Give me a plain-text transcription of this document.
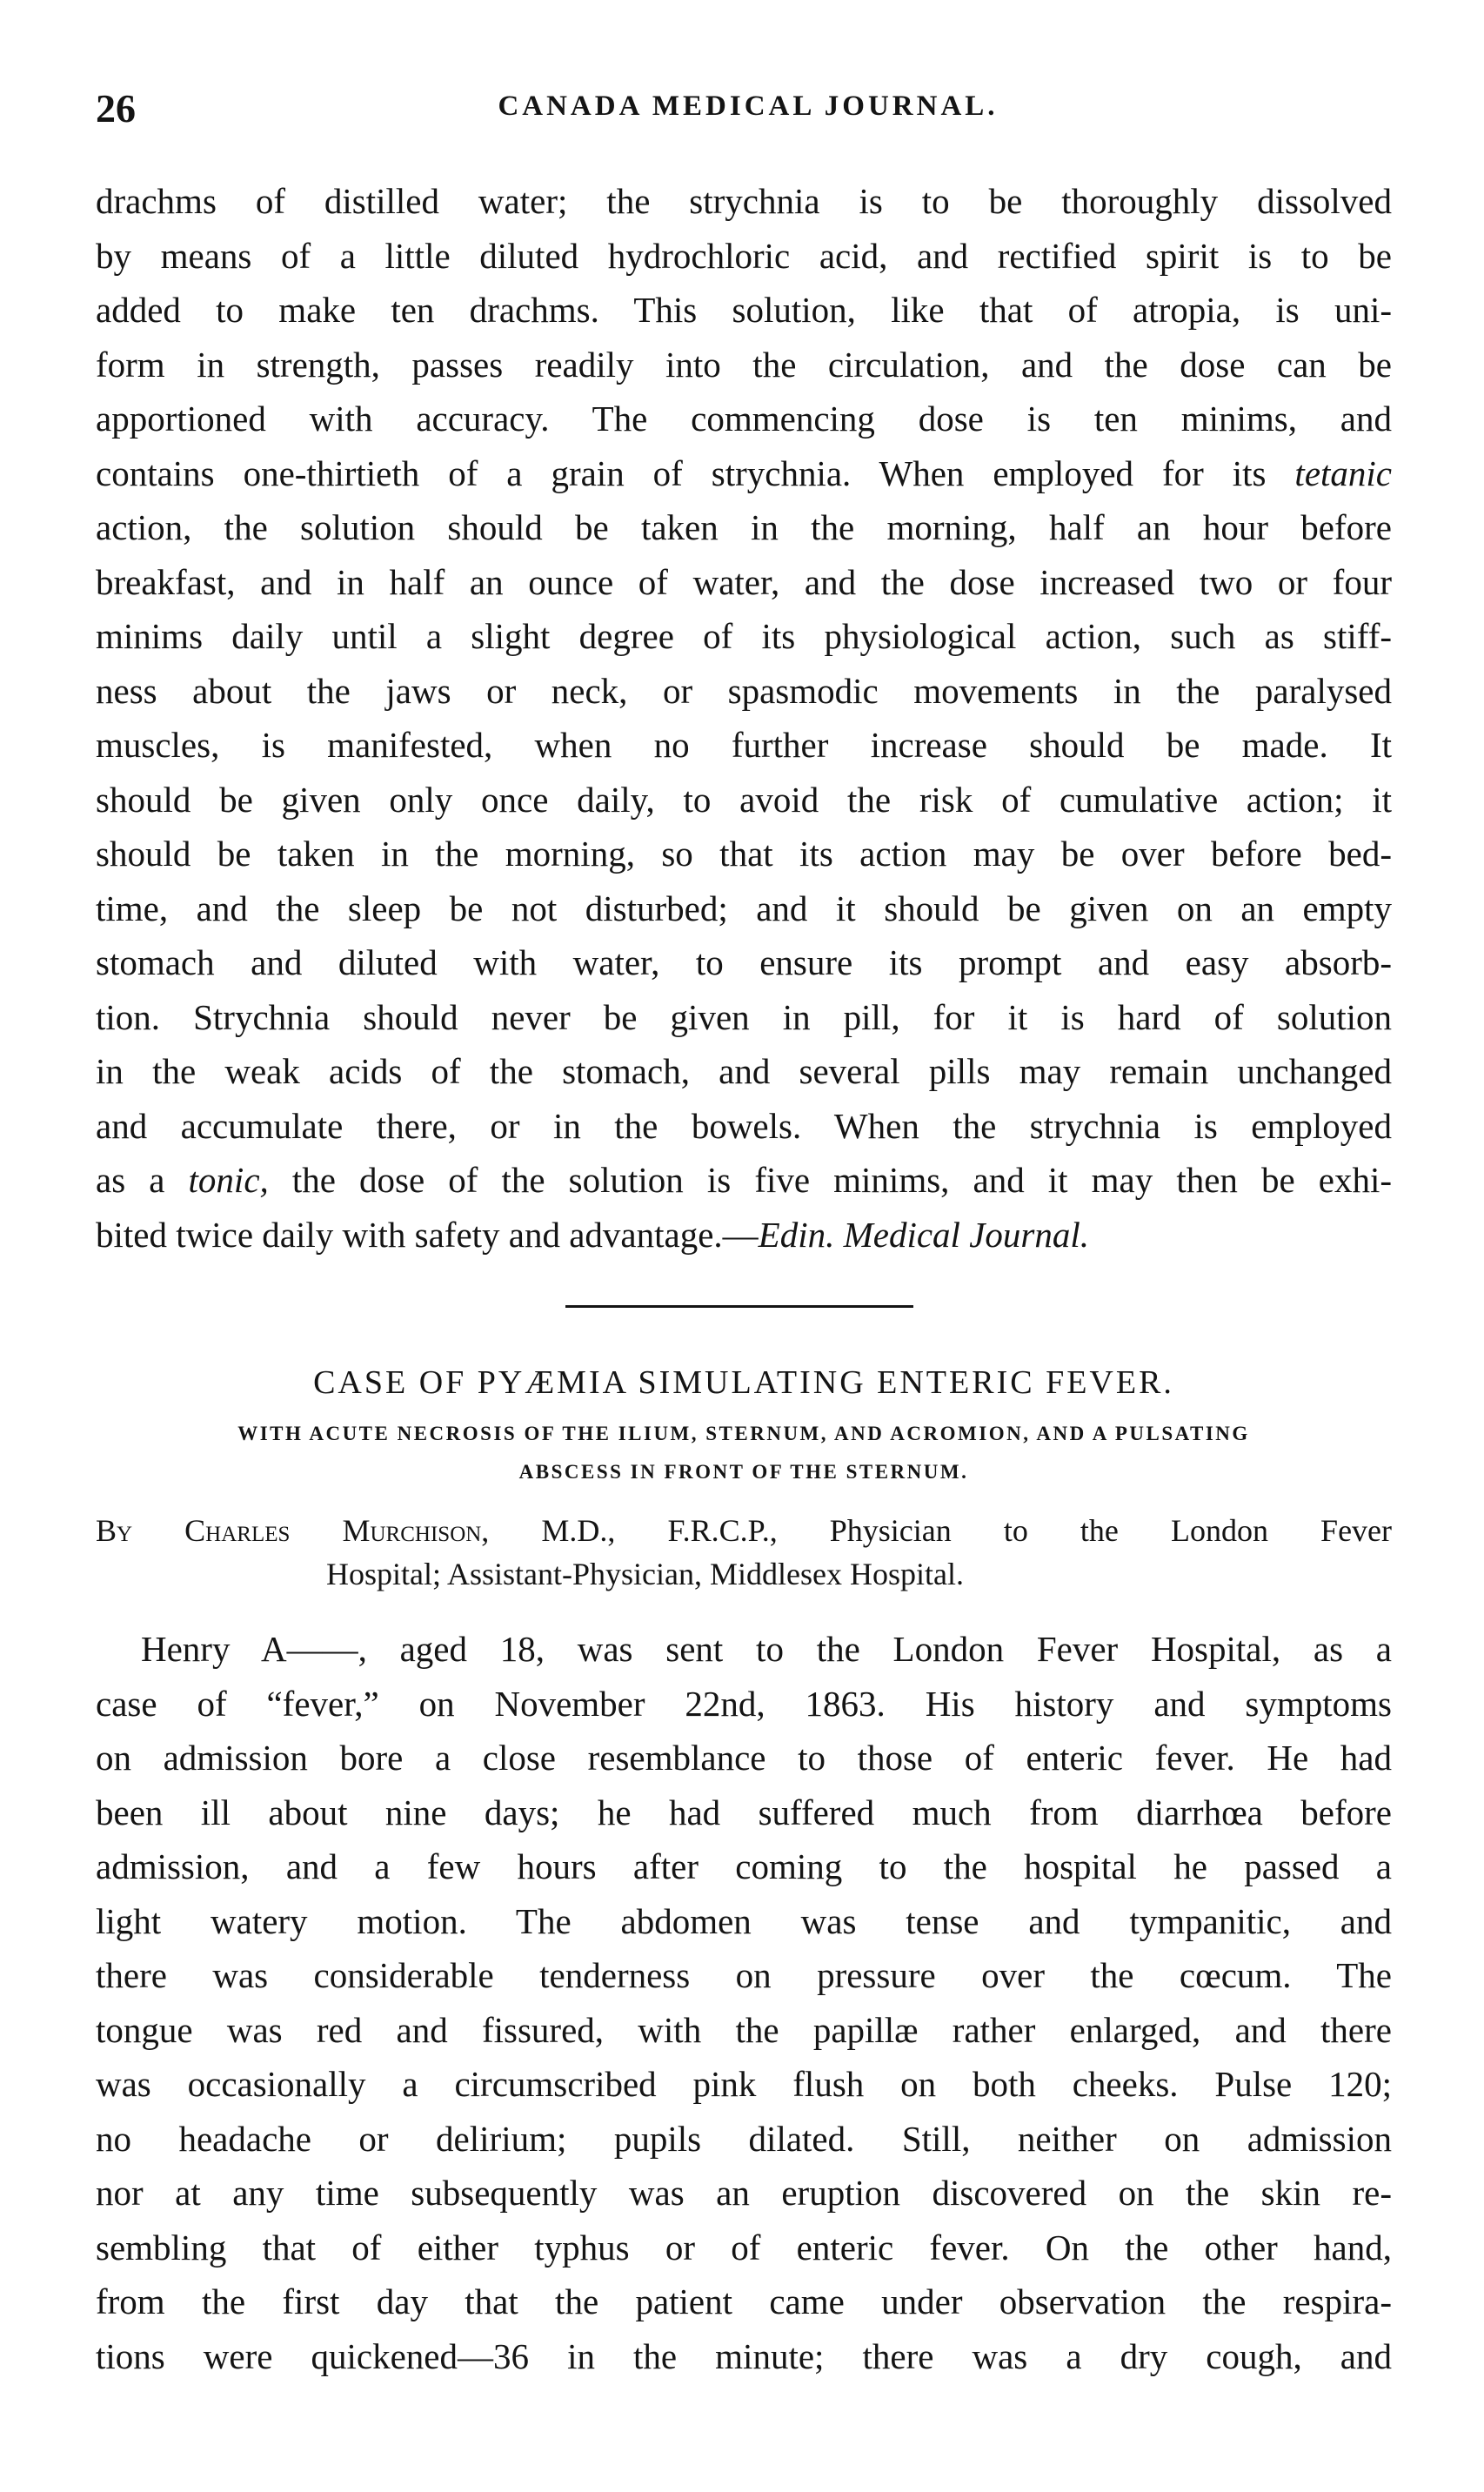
26	CANADA MEDICAL JOURNAL.
drachms of distilled water; the strychnia is to be thoroughly dissolved
by means of a little diluted hydrochloric acid, and rectified spirit is to be
added to make ten drachms. This solution, like that of atropia, is uni-
form in strength, passes readily into the circulation, and the dose can be
apportioned with accuracy. The commencing dose is ten minims, and
contains one-thirtieth of a grain of strychnia. When employed for its tetanic
action, the solution should be taken in the morning, half an hour before
breakfast, and in half an ounce of water, and the dose increased two or four
minims daily until a slight degree of its physiological action, such as stiff-
ness about the jaws or neck, or spasmodic movements in the paralysed
muscles, is manifested, when no further increase should be made. It
should be given only once daily, to avoid the risk of cumulative action; it
should be taken in the morning, so that its action may be over before bed-
time, and the sleep be not disturbed; and it should be given on an empty
stomach and diluted with water, to ensure its prompt and easy absorb-
tion. Strychnia should never be given in pill, for it is hard of solution
in the weak acids of the stomach, and several pills may remain unchanged
and accumulate there, or in the bowels. When the strychnia is employed
as a tonic, the dose of the solution is five minims, and it may then be exhi-
bited twice daily with safety and advantage.—Edin. Medical Journal.
CASE OF PYÆMIA SIMULATING ENTERIC FEVER.
WITH ACUTE NECROSIS OF THE ILIUM, STERNUM, AND ACROMION, AND A PULSATING
ABSCESS IN FRONT OF THE STERNUM.
By Charles Murchison, M.D., F.R.C.P., Physician to the London Fever
Hospital; Assistant-Physician, Middlesex Hospital.
Henry A——, aged 18, was sent to the London Fever Hospital, as a
case of “fever,” on November 22nd, 1863. His history and symptoms
on admission bore a close resemblance to those of enteric fever. He had
been ill about nine days; he had suffered much from diarrhœa before
admission, and a few hours after coming to the hospital he passed a
light watery motion. The abdomen was tense and tympanitic, and
there was considerable tenderness on pressure over the cœcum. The
tongue was red and fissured, with the papillæ rather enlarged, and there
was occasionally a circumscribed pink flush on both cheeks. Pulse 120;
no headache or delirium; pupils dilated. Still, neither on admission
nor at any time subsequently was an eruption discovered on the skin re-
sembling that of either typhus or of enteric fever. On the other hand,
from the first day that the patient came under observation the respira-
tions were quickened—36 in the minute; there was a dry cough, and
